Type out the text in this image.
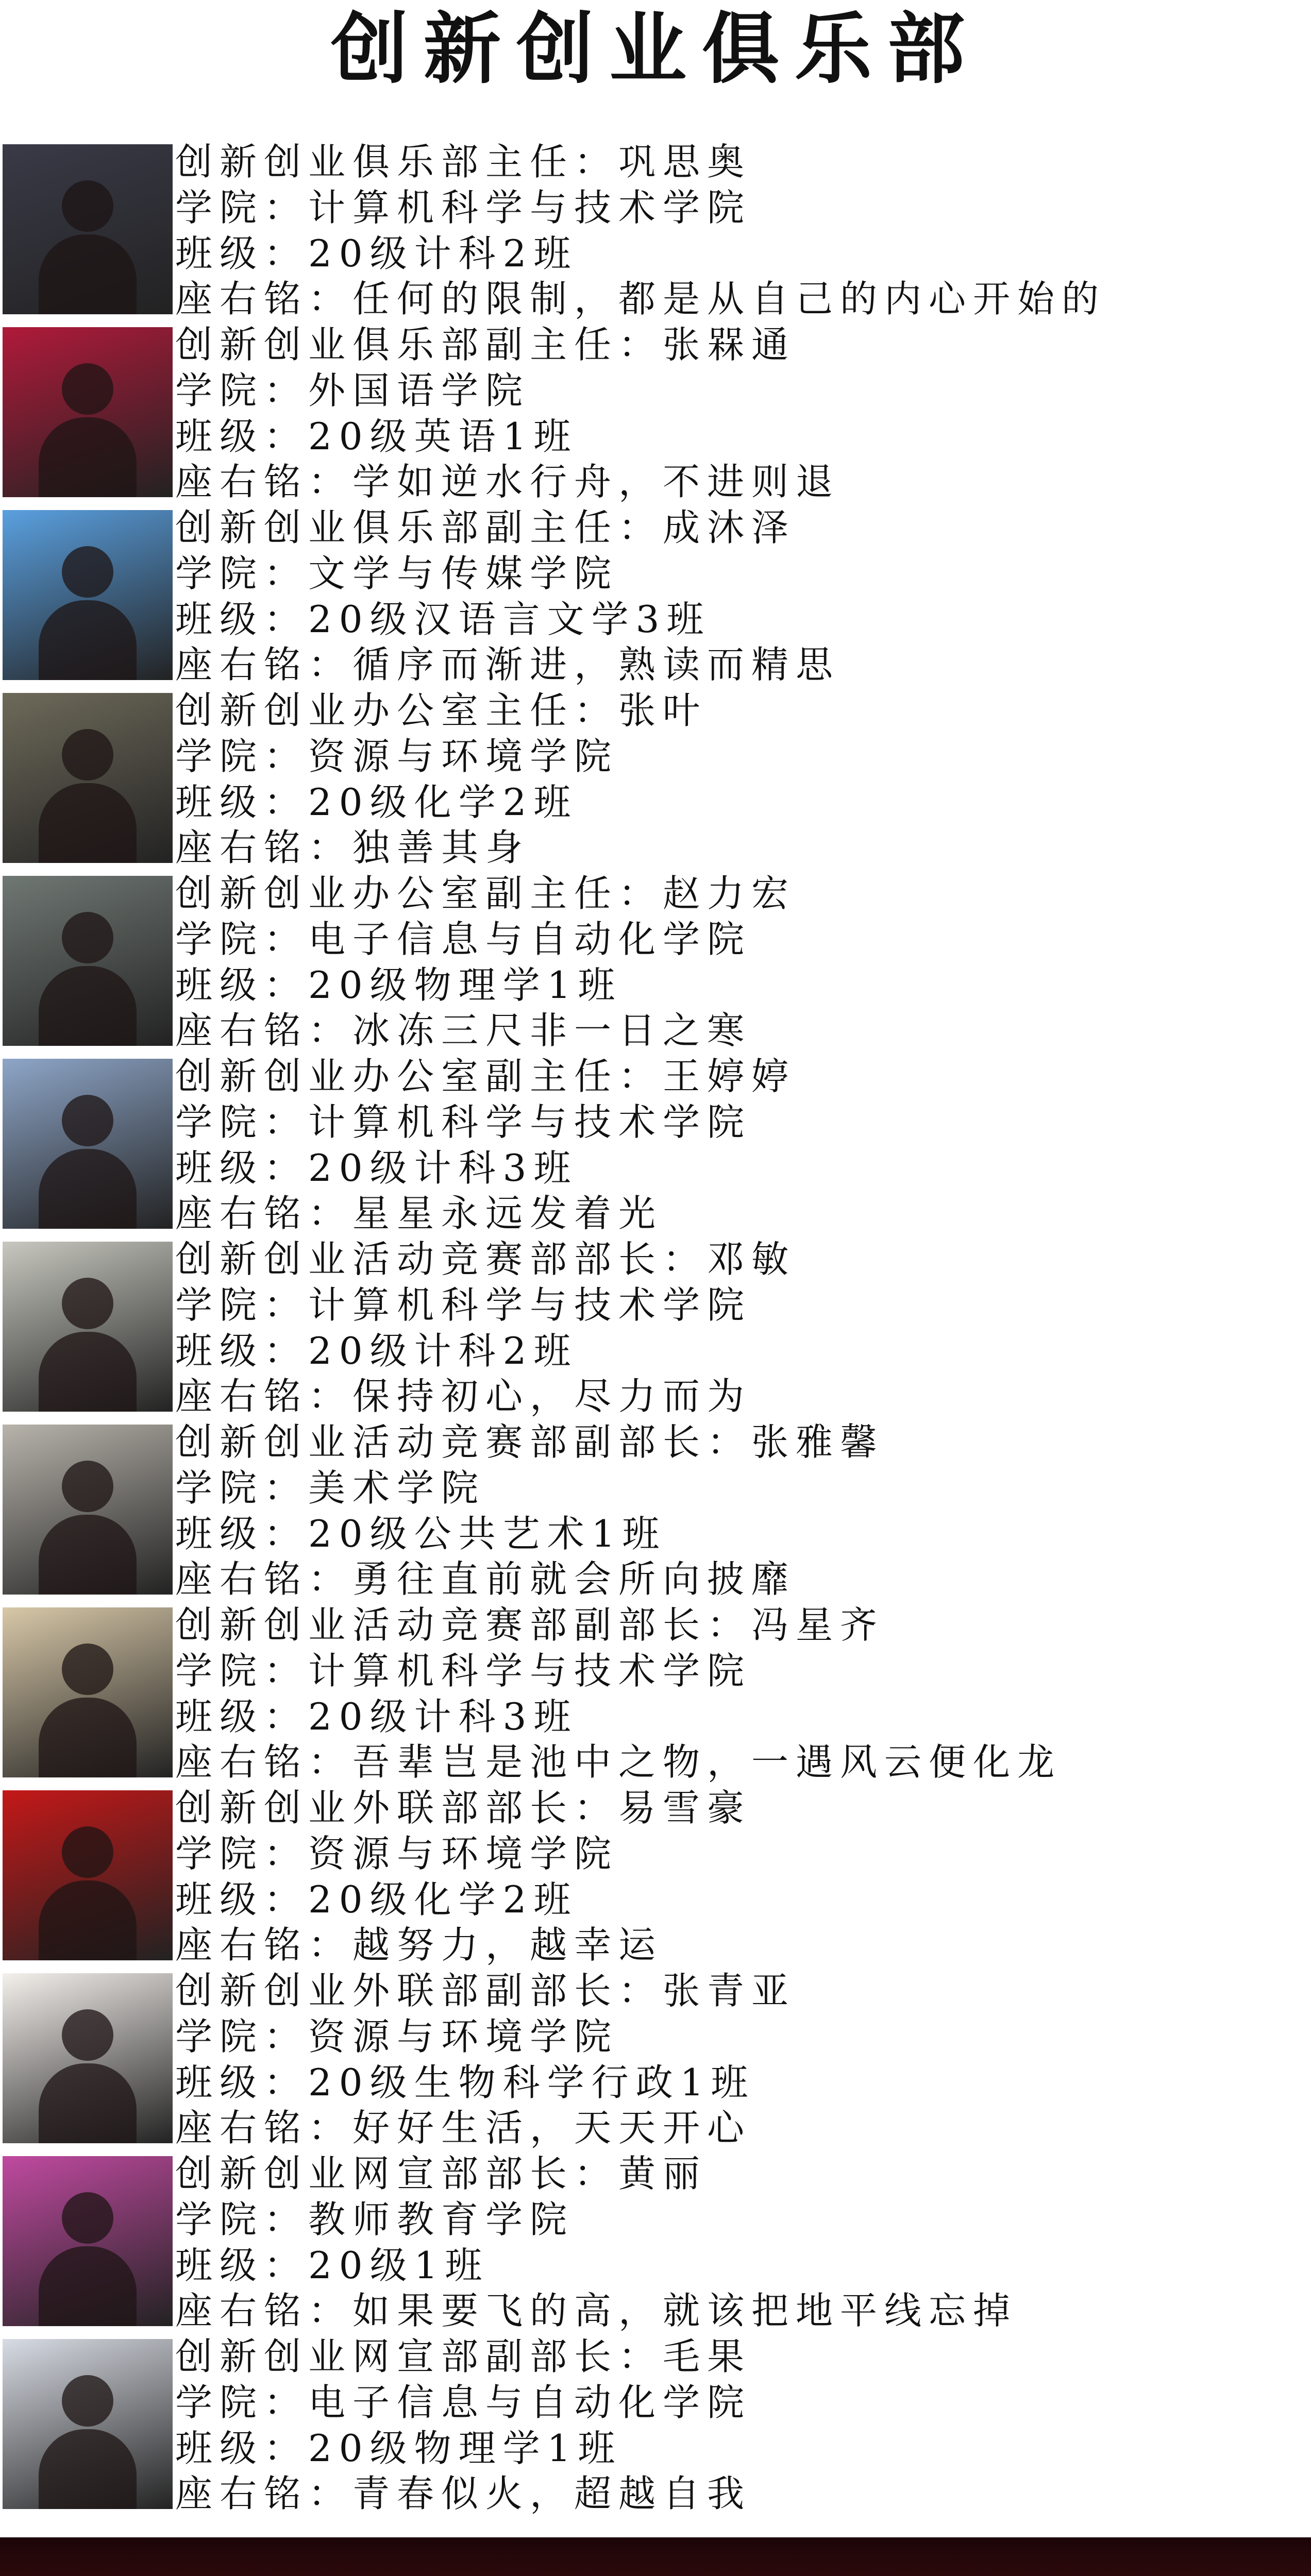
创新创业俱乐部
创新创业俱乐部主任：巩思奥
学院：计算机科学与技术学院
班级：20级计科2班
座右铭：任何的限制，都是从自己的内心开始的
创新创业俱乐部副主任：张槑通
学院：外国语学院
班级：20级英语1班
座右铭：学如逆水行舟，不进则退
创新创业俱乐部副主任：成沐泽
学院：文学与传媒学院
班级：20级汉语言文学3班
座右铭：循序而渐进，熟读而精思
创新创业办公室主任：张叶
学院：资源与环境学院
班级：20级化学2班
座右铭：独善其身
创新创业办公室副主任：赵力宏
学院：电子信息与自动化学院
班级：20级物理学1班
座右铭：冰冻三尺非一日之寒
创新创业办公室副主任：王婷婷
学院：计算机科学与技术学院
班级：20级计科3班
座右铭：星星永远发着光
创新创业活动竞赛部部长：邓敏
学院：计算机科学与技术学院
班级：20级计科2班
座右铭：保持初心，尽力而为
创新创业活动竞赛部副部长：张雅馨
学院：美术学院
班级：20级公共艺术1班
座右铭：勇往直前就会所向披靡
创新创业活动竞赛部副部长：冯星齐
学院：计算机科学与技术学院
班级：20级计科3班
座右铭：吾辈岂是池中之物，一遇风云便化龙
创新创业外联部部长：易雪豪
学院：资源与环境学院
班级：20级化学2班
座右铭：越努力，越幸运
创新创业外联部副部长：张青亚
学院：资源与环境学院
班级：20级生物科学行政1班
座右铭：好好生活，天天开心
创新创业网宣部部长：黄丽
学院：教师教育学院
班级：20级1班
座右铭：如果要飞的高，就该把地平线忘掉
创新创业网宣部副部长：毛果
学院：电子信息与自动化学院
班级：20级物理学1班
座右铭：青春似火，超越自我
